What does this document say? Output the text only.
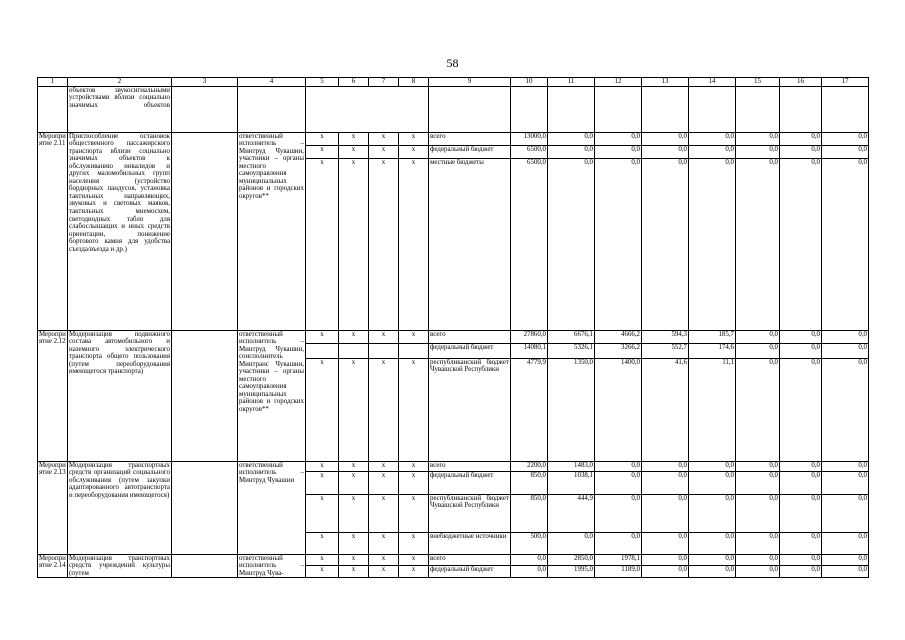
58
1	2	3	4	5	6	7	8	9	10	11	12	13	14	15	16	17
	объектов звукосигнальными устройствами вблизи социально значимых объектов															
Мероприятие 2.11	Приспособление остановок общественного пассажирского транспорта вблизи социально значимых объектов к обслуживанию инвалидов и других маломобильных групп населения (устройство бордюрных пандусов, установка тактильных направляющих, звуковых и световых маяков, тактильных мнемосхем, светодиодных табло для слабослышащих и иных средств ориентации, понижение бортового камня для удобства съезда/въезда и др.)		ответственный исполнитель – Минтруд Чувашии, участники – органы местного самоуправления муниципальных районов и городских округов**	x	x	x	x	всего	13000,0	0,0	0,0	0,0	0,0	0,0	0,0	0,0
				x	x	x	x	федеральный бюджет	6500,0	0,0	0,0	0,0	0,0	0,0	0,0	0,0
				x	x	x	x	местные бюджеты	6500,0	0,0	0,0	0,0	0,0	0,0	0,0	0,0
Мероприятие 2.12	Модернизация подвижного состава автомобильного и наземного электрического транспорта общего пользования (путем переоборудования имеющегося транспорта)		ответственный исполнитель – Минтруд Чувашии, соисполнитель Минтранс Чувашии, участники – органы местного самоуправления муниципальных районов и городских округов**	x	x	x	x	всего	27860,0	6676,1	4666,2	594,3	185,7	0,0	0,0	0,0
								федеральный бюджет	14080,1	5326,1	3266,2	552,7	174,6	0,0	0,0	0,0
				x	x	x	x	республиканский бюджет Чувашской Республики	4779,9	1350,0	1400,0	41,6	11,1	0,0	0,0	0,0
Мероприятие 2.13	Модернизация транспортных средств организаций социального обслуживания (путем закупки адаптированного автотранспорта и переоборудования имеющегося)		ответственный исполнитель – Минтруд Чувашии	x	x	x	x	всего	2200,0	1483,0	0,0	0,0	0,0	0,0	0,0	0,0
				x	x	x	x	федеральный бюджет	850,0	1038,1	0,0	0,0	0,0	0,0	0,0	0,0
				x	x	x	x	республиканский бюджет Чувашской Республики	850,0	444,9	0,0	0,0	0,0	0,0	0,0	0,0
				x	x	x	x	внебюджетные источники	500,0	0,0	0,0	0,0	0,0	0,0	0,0	0,0
Мероприятие 2.14	Модернизация транспортных средств учреждений культуры (путем		ответственный исполнитель – Минтруд Чува-	x	x	x	x	всего	0,0	2850,0	1978,1	0,0	0,0	0,0	0,0	0,0
				x	x	x	x	федеральный бюджет	0,0	1995,0	1189,0	0,0	0,0	0,0	0,0	0,0
